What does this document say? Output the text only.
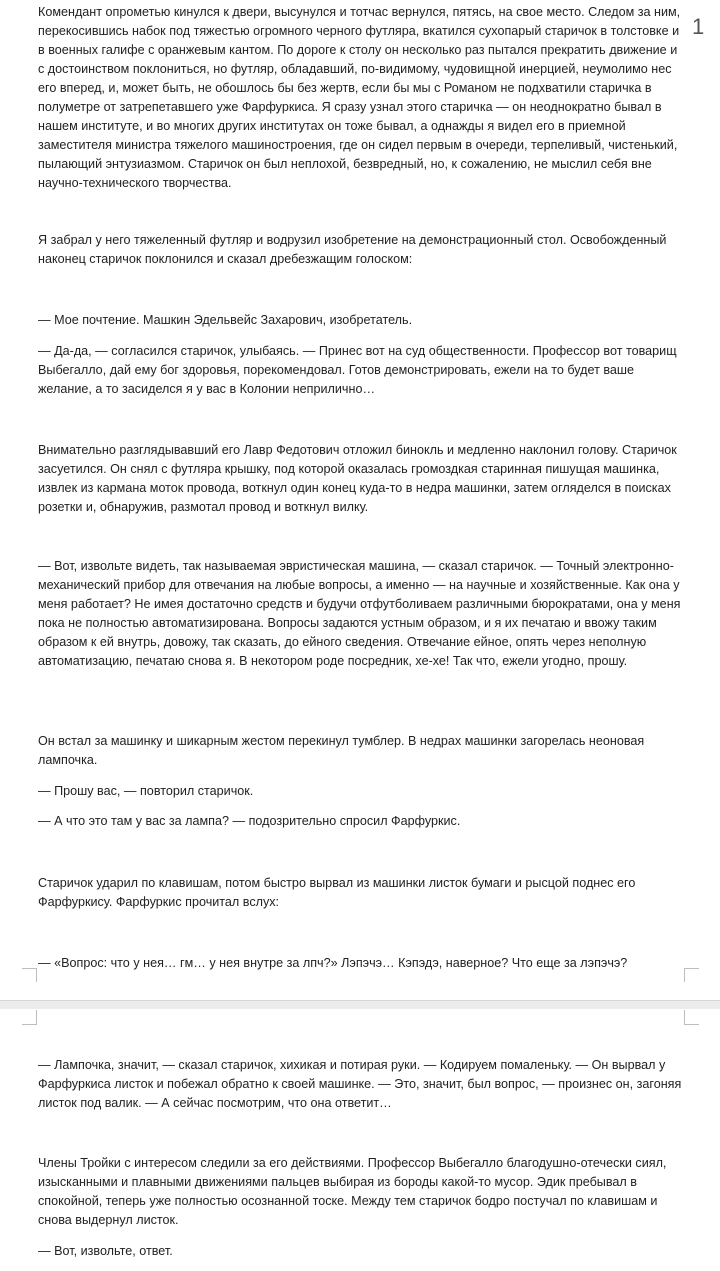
1

Комендант опрометью кинулся к двери, высунулся и тотчас вернулся, пятясь, на свое место. Следом за ним, перекосившись набок под тяжестью огромного черного футляра, вкатился сухопарый старичок в толстовке и в военных галифе с оранжевым кантом. По дороге к столу он несколько раз пытался прекратить движение и с достоинством поклониться, но футляр, обладавший, по-видимому, чудовищной инерцией, неумолимо нес его вперед, и, может быть, не обошлось бы без жертв, если бы мы с Романом не подхватили старичка в полуметре от затрепетавшего уже Фарфуркиса. Я сразу узнал этого старичка — он неоднократно бывал в нашем институте, и во многих других институтах он тоже бывал, а однажды я видел его в приемной заместителя министра тяжелого машиностроения, где он сидел первым в очереди, терпеливый, чистенький, пылающий энтузиазмом. Старичок он был неплохой, безвредный, но, к сожалению, не мыслил себя вне научно-технического творчества.

Я забрал у него тяжеленный футляр и водрузил изобретение на демонстрационный стол. Освобожденный наконец старичок поклонился и сказал дребезжащим голоском:

— Мое почтение. Машкин Эдельвейс Захарович, изобретатель.

— Да-да, — согласился старичок, улыбаясь. — Принес вот на суд общественности. Профессор вот товарищ Выбегалло, дай ему бог здоровья, порекомендовал. Готов демонстрировать, ежели на то будет ваше желание, а то засиделся я у вас в Колонии неприлично…

Внимательно разглядывавший его Лавр Федотович отложил бинокль и медленно наклонил голову. Старичок засуетился. Он снял с футляра крышку, под которой оказалась громоздкая старинная пишущая машинка, извлек из кармана моток провода, воткнул один конец куда-то в недра машинки, затем огляделся в поисках розетки и, обнаружив, размотал провод и воткнул вилку.

— Вот, извольте видеть, так называемая эвристическая машина, — сказал старичок. — Точный электронно-механический прибор для отвечания на любые вопросы, а именно — на научные и хозяйственные. Как она у меня работает? Не имея достаточно средств и будучи отфутболиваем различными бюрократами, она у меня пока не полностью автоматизирована. Вопросы задаются устным образом, и я их печатаю и ввожу таким образом к ей внутрь, довожу, так сказать, до ейного сведения. Отвечание ейное, опять через неполную автоматизацию, печатаю снова я. В некотором роде посредник, хе-хе! Так что, ежели угодно, прошу.

Он встал за машинку и шикарным жестом перекинул тумблер. В недрах машинки загорелась неоновая лампочка.

— Прошу вас, — повторил старичок.

— А что это там у вас за лампа? — подозрительно спросил Фарфуркис.

Старичок ударил по клавишам, потом быстро вырвал из машинки листок бумаги и рысцой поднес его Фарфуркису. Фарфуркис прочитал вслух:

— «Вопрос: что у нея… гм… у нея внутре за лпч?» Лэпэчэ… Кэпэдэ, наверное? Что еще за лэпэчэ?

— Лампочка, значит, — сказал старичок, хихикая и потирая руки. — Кодируем помаленьку. — Он вырвал у Фарфуркиса листок и побежал обратно к своей машинке. — Это, значит, был вопрос, — произнес он, загоняя листок под валик. — А сейчас посмотрим, что она ответит…

Члены Тройки с интересом следили за его действиями. Профессор Выбегалло благодушно-отечески сиял, изысканными и плавными движениями пальцев выбирая из бороды какой-то мусор. Эдик пребывал в спокойной, теперь уже полностью осознанной тоске. Между тем старичок бодро постучал по клавишам и снова выдернул листок.

— Вот, извольте, ответ.
